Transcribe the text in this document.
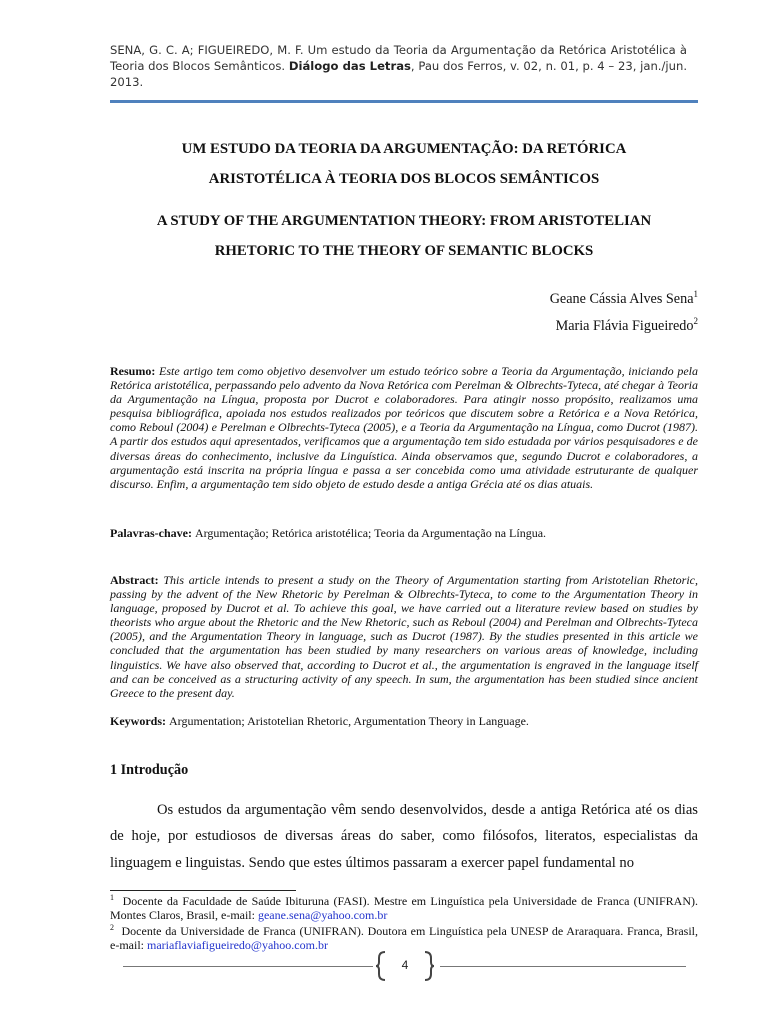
SENA, G. C. A; FIGUEIREDO, M. F. Um estudo da Teoria da Argumentação da Retórica Aristotélica à Teoria dos Blocos Semânticos. Diálogo das Letras, Pau dos Ferros, v. 02, n. 01, p. 4 – 23, jan./jun. 2013.
UM ESTUDO DA TEORIA DA ARGUMENTAÇÃO: DA RETÓRICA
ARISTOTÉLICA À TEORIA DOS BLOCOS SEMÂNTICOS
A STUDY OF THE ARGUMENTATION THEORY: FROM ARISTOTELIAN
RHETORIC TO THE THEORY OF SEMANTIC BLOCKS
Geane Cássia Alves Sena$^1$
Maria Flávia Figueiredo$^2$
Resumo: Este artigo tem como objetivo desenvolver um estudo teórico sobre a Teoria da Argumentação, iniciando pela Retórica aristotélica, perpassando pelo advento da Nova Retórica com Perelman & Olbrechts-Tyteca, até chegar à Teoria da Argumentação na Língua, proposta por Ducrot e colaboradores. Para atingir nosso propósito, realizamos uma pesquisa bibliográfica, apoiada nos estudos realizados por teóricos que discutem sobre a Retórica e a Nova Retórica, como Reboul (2004) e Perelman e Olbrechts-Tyteca (2005), e a Teoria da Argumentação na Língua, como Ducrot (1987). A partir dos estudos aqui apresentados, verificamos que a argumentação tem sido estudada por vários pesquisadores e de diversas áreas do conhecimento, inclusive da Linguística. Ainda observamos que, segundo Ducrot e colaboradores, a argumentação está inscrita na própria língua e passa a ser concebida como uma atividade estruturante de qualquer discurso. Enfim, a argumentação tem sido objeto de estudo desde a antiga Grécia até os dias atuais.
Palavras-chave: Argumentação; Retórica aristotélica; Teoria da Argumentação na Língua.
Abstract: This article intends to present a study on the Theory of Argumentation starting from Aristotelian Rhetoric, passing by the advent of the New Rhetoric by Perelman & Olbrechts-Tyteca, to come to the Argumentation Theory in language, proposed by Ducrot et al. To achieve this goal, we have carried out a literature review based on studies by theorists who argue about the Rhetoric and the New Rhetoric, such as Reboul (2004) and Perelman and Olbrechts-Tyteca (2005), and the Argumentation Theory in language, such as Ducrot (1987). By the studies presented in this article we concluded that the argumentation has been studied by many researchers on various areas of knowledge, including linguistics. We have also observed that, according to Ducrot et al., the argumentation is engraved in the language itself and can be conceived as a structuring activity of any speech. In sum, the argumentation has been studied since ancient Greece to the present day.
Keywords: Argumentation; Aristotelian Rhetoric, Argumentation Theory in Language.
1 Introdução
Os estudos da argumentação vêm sendo desenvolvidos, desde a antiga Retórica até os dias de hoje, por estudiosos de diversas áreas do saber, como filósofos, literatos, especialistas da linguagem e linguistas. Sendo que estes últimos passaram a exercer papel fundamental no
$^1$ Docente da Faculdade de Saúde Ibituruna (FASI). Mestre em Linguística pela Universidade de Franca (UNIFRAN). Montes Claros, Brasil, e-mail: geane.sena@yahoo.com.br
$^2$ Docente da Universidade de Franca (UNIFRAN). Doutora em Linguística pela UNESP de Araraquara. Franca, Brasil, e-mail: mariaflaviafigueiredo@yahoo.com.br
4
